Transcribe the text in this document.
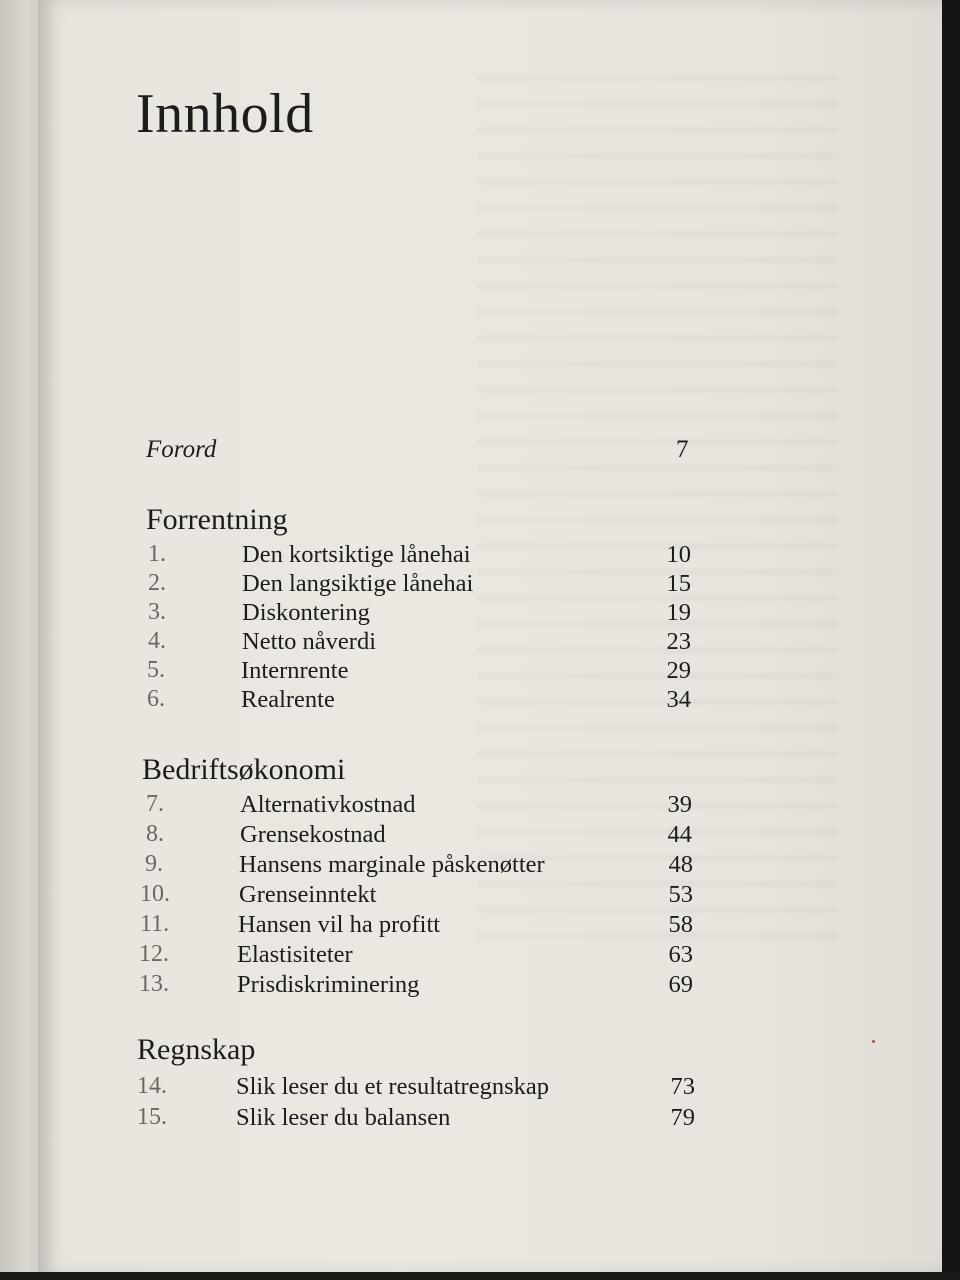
Innhold
Forord	7
Forrentning
1.	Den kortsiktige lånehai	10
2.	Den langsiktige lånehai	15
3.	Diskontering	19
4.	Netto nåverdi	23
5.	Internrente	29
6.	Realrente	34
Bedriftsøkonomi
7.	Alternativkostnad	39
8.	Grensekostnad	44
9.	Hansens marginale påskenøtter	48
10.	Grenseinntekt	53
11.	Hansen vil ha profitt	58
12.	Elastisiteter	63
13.	Prisdiskriminering	69
Regnskap
14.	Slik leser du et resultatregnskap	73
15.	Slik leser du balansen	79
